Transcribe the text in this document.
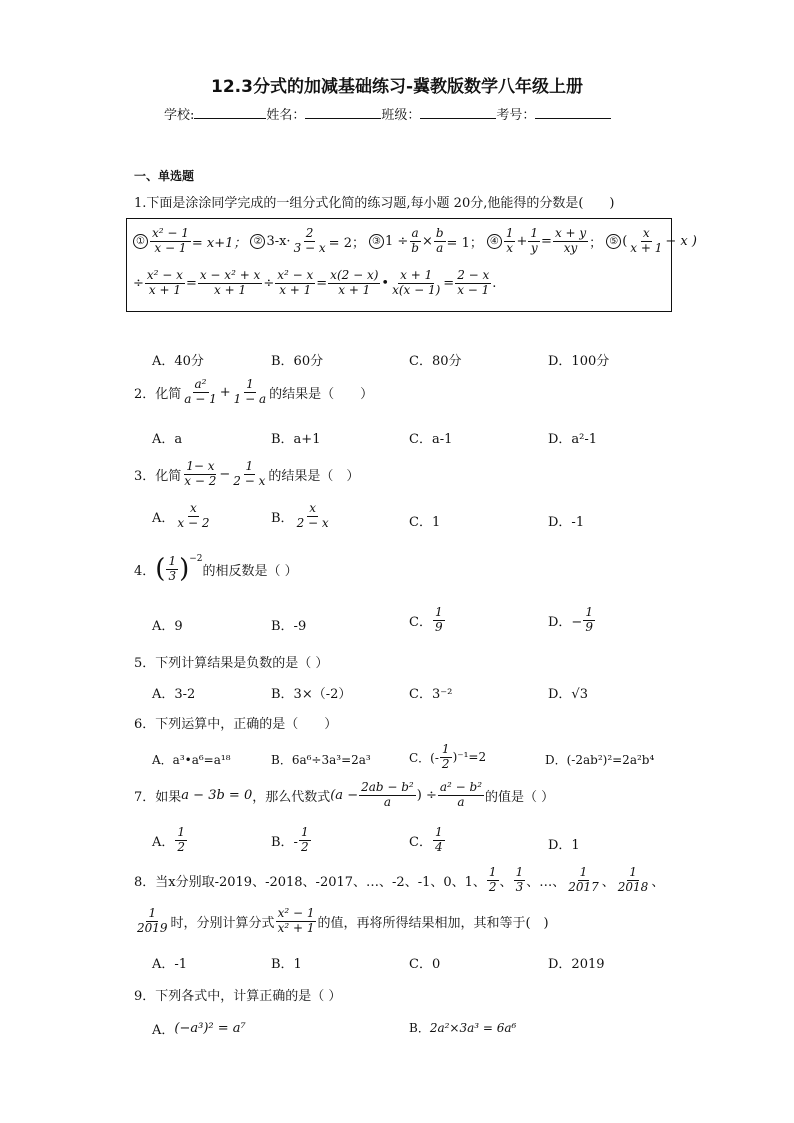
12.3分式的加减基础练习-冀教版数学八年级上册
学校:	姓名：	班级：	考号：
一、单选题
1.下面是涂涂同学完成的一组分式化简的练习题,每小题 20分,他能得的分数是(　　)
① $\frac{\text{x² − 1}}{x - 1} = x+1$； ② $3-x\cdot \frac{2}{3 - x} = 2$； ③ $1 \div \frac{a}{b} \times \frac{b}{a} = 1$； ④ $\frac{1}{x} + \frac{1}{y} = \frac{x + y}{xy}$ ； ⑤ ( $\frac{x}{x + 1} - x$ )
÷ $\frac{\text{x² − x}}{x + 1} = \frac{\text{x − x² + x}}{x + 1} \div \frac{\text{x² − x}}{x + 1} = \frac{x(2 - x)}{x + 1}$ • $\frac{x + 1}{x(x - 1)} = \frac{2 - x}{x - 1}$ .
A．40分	B．60分	C．80分	D．100分
2．化简 $\frac{\text{a²}}{a - 1} + \frac{1}{1 - a}$ 的结果是（　　）
A．a	B．a+1	C．a-1	D．a²-1
3．化简 $\frac{1- x}{x - 2} - \frac{1}{2 - x}$ 的结果是（　）
A． $\frac{x}{x - 2}$	B． $\frac{x}{2 - x}$	C．1	D．-1
4． ( $\frac{1}{3}$ ) −2
的相反数是（ ）
A．9	B．-9	C． $\frac{1}{9}$	D．− $\frac{1}{9}$
5．下列计算结果是负数的是（ ）
A．3-2	B．3×（-2）	C．3⁻²	D．√3
6．下列运算中，正确的是（　　）
A．a³•a⁶=a¹⁸	B．6a⁶÷3a³=2a³	C．(- $\frac{1}{2} )^{-1}=2$	D．(-2ab²)²=2a²b⁴
7．如果 a − 3b = 0 ，那么代数式 ($a - \frac{\text{2ab − b²}}{a}$ ) ÷ $\frac{\text{a² − b²}}{a}$ 的值是（ ）
A． $\frac{1}{2}$	B．- $\frac{1}{2}$	C． $\frac{1}{4}$	D．1
8．当x分别取-2019、-2018、-2017、…、-2、-1、0、1、 $\frac{1}{2}$ 、 $\frac{1}{3}$ 、…、 $\frac{1}{2017}$ 、 $\frac{1}{2018}$ 、
$\frac{1}{2019}$ 时，分别计算分式 $\frac{\text{x² − 1}}{\text{x² + 1}}$ 的值，再将所得结果相加，其和等于(　)
A．-1	B．1	C．0	D．2019
9．下列各式中，计算正确的是（ ）
A． (−a³)² = a⁷	B． 2a²×3a³ = 6a⁶
